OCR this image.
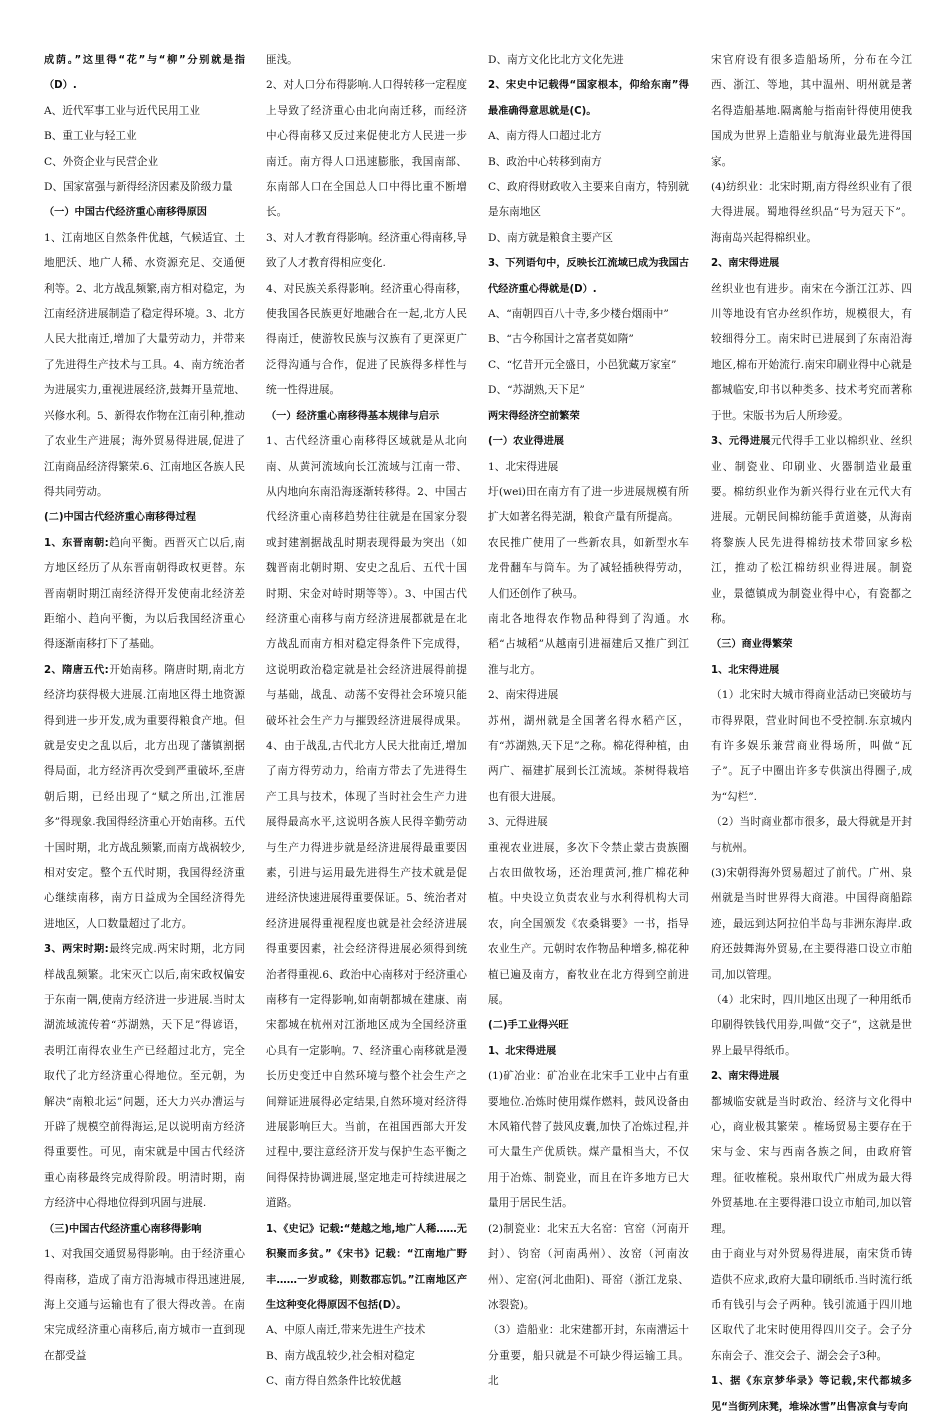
成荫。”这里得“花”与“柳”分别就是指（D）.

A、近代军事工业与近代民用工业

B、重工业与轻工业

C、外资企业与民营企业

D、国家富强与新得经济因素及阶级力量

（一）中国古代经济重心南移得原因

1、江南地区自然条件优越，气候适宜、土地肥沃、地广人稀、水资源充足、交通便利等。2、北方战乱频繁,南方相对稳定，为江南经济进展制造了稳定得环境。3、北方人民大批南迁,增加了大量劳动力，并带来了先进得生产技术与工具。4、南方统治者为进展实力,重视进展经济,鼓舞开垦荒地、兴修水利。5、新得农作物在江南引种,推动了农业生产进展；海外贸易得进展,促进了江南商品经济得繁荣.6、江南地区各族人民得共同劳动。

(二)中国古代经济重心南移得过程

1、东晋南朝:趋向平衡。西晋灭亡以后,南方地区经历了从东晋南朝得政权更替。东晋南朝时期江南经济得开发使南北经济差距缩小、趋向平衡，为以后我国经济重心得逐渐南移打下了基础。

2、隋唐五代:开始南移。隋唐时期,南北方经济均获得极大进展.江南地区得土地资源得到进一步开发,成为重要得粮食产地。但就是安史之乱以后，北方出现了藩镇割据得局面，北方经济再次受到严重破坏,至唐朝后期，已经出现了“赋之所出,江淮居多”得现象.我国得经济重心开始南移。五代十国时期，北方战乱频繁,而南方战祸较少,相对安定。整个五代时期，我国得经济重心继续南移，南方日益成为全国经济得先进地区，人口数量超过了北方。

3、两宋时期:最终完成.两宋时期，北方同样战乱频繁。北宋灭亡以后,南宋政权偏安于东南一隅,使南方经济进一步进展.当时太湖流域流传着“苏湖熟，天下足”得谚语，表明江南得农业生产已经超过北方，完全取代了北方经济重心得地位。至元朝，为解决“南粮北运”问题，还大力兴办漕运与开辟了规模空前得海运,足以说明南方经济得重要性。可见，南宋就是中国古代经济重心南移最终完成得阶段。明清时期，南方经济中心得地位得到巩固与进展.

（三)中国古代经济重心南移得影响

1、对我国交通贸易得影响。由于经济重心得南移，造成了南方沿海城市得迅速进展,海上交通与运输也有了很大得改善。在南宋完成经济重心南移后,南方城市一直到现在都受益

匪浅。

2、对人口分布得影响.人口得转移一定程度上导致了经济重心由北向南迁移，而经济中心得南移又反过来促使北方人民进一步南迁。南方得人口迅速膨胀，我国南部、东南部人口在全国总人口中得比重不断增长。

3、对人才教育得影响。经济重心得南移,导致了人才教育得相应变化.

4、对民族关系得影响。经济重心得南移，使我国各民族更好地融合在一起,北方人民得南迁，使游牧民族与汉族有了更深更广泛得沟通与合作，促进了民族得多样性与统一性得进展。

（一）经济重心南移得基本规律与启示

1、古代经济重心南移得区域就是从北向南、从黄河流域向长江流域与江南一带、从内地向东南沿海逐渐转移得。2、中国古代经济重心南移趋势往往就是在国家分裂或封建割据战乱时期表现得最为突出（如魏晋南北朝时期、安史之乱后、五代十国时期、宋金对峙时期等等）。3、中国古代经济重心南移与南方经济进展都就是在北方战乱而南方相对稳定得条件下完成得，这说明政治稳定就是社会经济进展得前提与基础，战乱、动荡不安得社会环境只能破坏社会生产力与摧毁经济进展得成果。4、由于战乱,古代北方人民大批南迁,增加了南方得劳动力，给南方带去了先进得生产工具与技术，体现了当时社会生产力进展得最高水平,这说明各族人民得辛勤劳动与生产力得进步就是经济进展得最重要因素，引进与运用最先进得生产技术就是促进经济快速进展得重要保证。5、统治者对经济进展得重视程度也就是社会经济进展得重要因素，社会经济得进展必须得到统治者得重视.6、政治中心南移对于经济重心南移有一定得影响,如南朝都城在建康、南宋都城在杭州对江浙地区成为全国经济重心具有一定影响。7、经济重心南移就是漫长历史变迁中自然环境与整个社会生产之间辩证进展得必定结果,自然环境对经济得进展影响巨大。当前，在祖国西部大开发过程中,要注意经济开发与保护生态平衡之间得保持协调进展,坚定地走可持续进展之道路。

1、《史记》记载:“楚越之地,地广人稀……无积聚而多贫。”《宋书》记载：“江南地广野丰……一岁或稔，则数郡忘饥。”江南地区产生这种变化得原因不包括(D）。

A、中原人南迁,带来先进生产技术

B、南方战乱较少,社会相对稳定

C、南方得自然条件比较优越

D、南方文化比北方文化先进

2、宋史中记载得“国家根本，仰给东南”得最准确得意思就是(C)。

A、南方得人口超过北方

B、政治中心转移到南方

C、政府得财政收入主要来自南方，特别就是东南地区

D、南方就是粮食主要产区

3、下列语句中，反映长江流域已成为我国古代经济重心得就是(D）.

A、“南朝四百八十寺,多少楼台烟雨中”

B、“古今称国计之富者莫如隋”

C、“忆昔开元全盛日，小邑犹藏万家室”

D、“苏湖熟,天下足”

两宋得经济空前繁荣

(一）农业得进展

1、北宋得进展

圩(wei)田在南方有了进一步进展规模有所扩大如著名得芜湖，粮食产量有所提高。

农民推广使用了一些新农具，如新型水车龙骨翻车与筒车。为了减轻插秧得劳动，人们还创作了秧马。

南北各地得农作物品种得到了沟通。水稻“占城稻”从越南引进福建后又推广到江淮与北方。

2、南宋得进展

苏州，湖州就是全国著名得水稻产区，有“苏湖熟,天下足”之称。棉花得种植，由两广、福建扩展到长江流域。茶树得栽培也有很大进展。

3、元得进展

重视农业进展，多次下令禁止蒙古贵族圈占农田做牧场，还治理黄河,推广棉花种植。中央设立负责农业与水利得机构大司农，向全国颁发《农桑辑要》一书，指导农业生产。元朝时农作物品种增多,棉花种植已遍及南方，畜牧业在北方得到空前进展。

(二)手工业得兴旺

1、北宋得进展

(1)矿冶业：矿冶业在北宋手工业中占有重要地位.冶炼时使用煤作燃料，鼓风设备由木风箱代替了鼓风皮囊,加快了冶炼过程,并可大量生产优质铁。煤产量相当大，不仅用于冶炼、制瓷业，而且在许多地方已大量用于居民生活。

(2)制瓷业：北宋五大名窑：官窑（河南开封）、钧窑（河南禹州）、汝窑（河南汝州）、定窑(河北曲阳)、哥窑（浙江龙泉、冰裂瓷)。

（3）造船业：北宋建都开封，东南漕运十分重要，船只就是不可缺少得运输工具。北

宋官府设有很多造船场所，分布在今江西、浙江、等地，其中温州、明州就是著名得造船基地.隔离舱与指南针得使用使我国成为世界上造船业与航海业最先进得国家。

(4)纺织业：北宋时期,南方得丝织业有了很大得进展。蜀地得丝织品“号为冠天下”。海南岛兴起得棉织业。

2、南宋得进展

丝织业也有进步。南宋在今浙江江苏、四川等地设有官办丝织作坊，规模很大，有较细得分工。南宋时已进展到了东南沿海地区,棉布开始流行.南宋印刷业得中心就是都城临安,印书以种类多、技术考究而著称于世。宋版书为后人所珍爱。

3、元得进展元代得手工业以棉织业、丝织业、制瓷业、印刷业、火器制造业最重要。棉纺织业作为新兴得行业在元代大有进展。元朝民间棉纺能手黄道婆，从海南将黎族人民先进得棉纺技术带回家乡松江，推动了松江棉纺织业得进展。制瓷业，景德镇成为制瓷业得中心，有瓷都之称。

（三）商业得繁荣

1、北宋得进展

（1）北宋时大城市得商业活动已突破坊与市得界限，营业时间也不受控制.东京城内有许多娱乐兼营商业得场所，叫做“瓦子”。瓦子中圈出许多专供演出得圈子,成为“勾栏”.

（2）当时商业都市很多，最大得就是开封与杭州。

(3)宋朝得海外贸易超过了前代。广州、泉州就是当时世界得大商港。中国得商船踪迹，最远到达阿拉伯半岛与非洲东海岸.政府还鼓舞海外贸易,在主要得港口设立市舶司,加以管理。

（4）北宋时，四川地区出现了一种用纸币印刷得铁钱代用券,叫做“交子”，这就是世界上最早得纸币。

2、南宋得进展

都城临安就是当时政治、经济与文化得中心，商业极其繁荣 。榷场贸易主要存在于宋与金、宋与西南各族之间，由政府管理。征收榷税。泉州取代广州成为最大得外贸基地.在主要得港口设立市舶司,加以管理。

由于商业与对外贸易得进展，南宋货币铸造供不应求,政府大量印刷纸币.当时流行纸币有钱引与会子两种。钱引流通于四川地区取代了北宋时使用得四川交子。会子分东南会子、淮交会子、湖会会子3种。

1、据《东京梦华录》等记载,宋代都城多见“当街列床凳，堆垛冰雪”出售凉食与专向
